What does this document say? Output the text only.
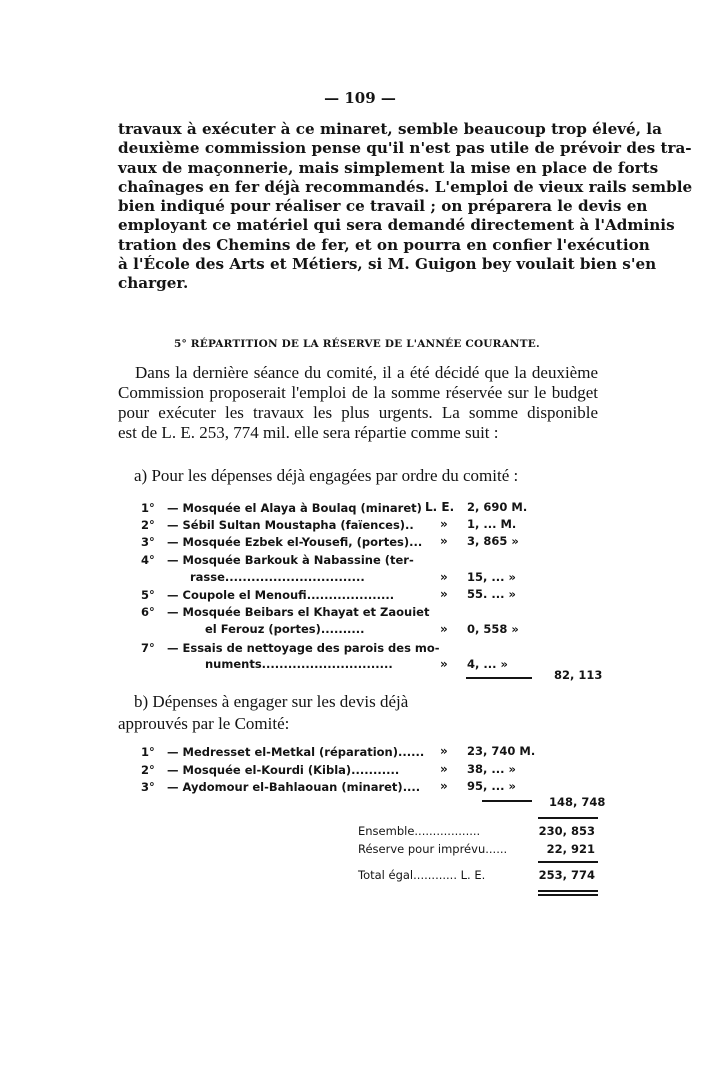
— 109 —
travaux à exécuter à ce minaret, semble beaucoup trop élevé, la
deuxième commission pense qu'il n'est pas utile de prévoir des tra-
vaux de maçonnerie, mais simplement la mise en place de forts
chaînages en fer déjà recommandés. L'emploi de vieux rails semble
bien indiqué pour réaliser ce travail ; on préparera le devis en
employant ce matériel qui sera demandé directement à l'Adminis
tration des Chemins de fer, et on pourra en confier l'exécution
à l'École des Arts et Métiers, si M. Guigon bey voulait bien s'en
charger.
5° RÉPARTITION DE LA RÉSERVE DE L'ANNÉE COURANTE.
Dans la dernière séance du comité, il a été décidé que la deuxième
Commission proposerait l'emploi de la somme réservée sur le budget
pour exécuter les travaux les plus urgents. La somme disponible
est de L. E. 253, 774 mil. elle sera répartie comme suit :
a) Pour les dépenses déjà engagées par ordre du comité :
1° — Mosquée el Alaya à Boulaq (minaret) L. E. 2, 690 M.
2° — Sébil Sultan Moustapha (faïences).. » 1, ... M.
3° — Mosquée Ezbek el-Yousefi, (portes)... » 3, 865 »
4° — Mosquée Barkouk à Nabassine (ter-
rasse................................	» 15, ... »
5° — Coupole el Menoufi....................	» 55. ... »
6° — Mosquée Beibars el Khayat et Zaouiet
el Ferouz (portes)..........	» 0, 558 »
7° — Essais de nettoyage des parois des mo-
numents..............................	» 4, ... »
82, 113
b) Dépenses à engager sur les devis déjà
approuvés par le Comité:
1° — Medresset el-Metkal (réparation)...... » 23, 740 M.
2° — Mosquée el-Kourdi (Kibla)...........	» 38, ... »
3° — Aydomour el-Bahlaouan (minaret).... » 95, ... »
148, 748
Ensemble..................	230, 853
Réserve pour imprévu......	22, 921
Total égal............ L. E.	253, 774
